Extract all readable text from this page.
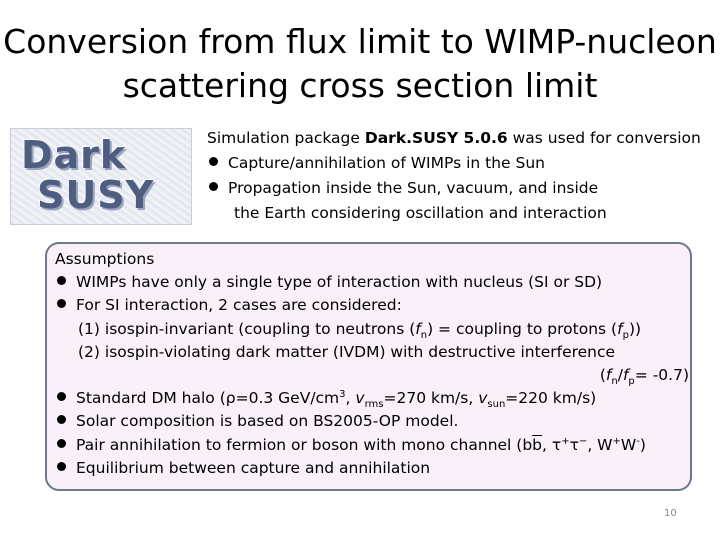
Conversion from flux limit to WIMP-nucleon
scattering cross section limit
Dark
SUSY
Simulation package Dark.SUSY 5.0.6 was used for conversion
Capture/annihilation of WIMPs in the Sun
Propagation inside the Sun, vacuum, and inside
the Earth considering oscillation and interaction
Assumptions
WIMPs have only a single type of interaction with nucleus (SI or SD)
For SI interaction, 2 cases are considered:
(1) isospin-invariant (coupling to neutrons $(f_n)$ = coupling to protons $(f_p)$)
(2) isospin-violating dark matter (IVDM) with destructive interference
$(f_n/f_p= -0.7)$
Standard DM halo (ρ=0.3 GeV/$cm^3$, $v_{rms}=270$ km/s, $v_{sun}=220$ km/s)
Solar composition is based on BS2005-OP model.
Pair annihilation to fermion or boson with mono channel ($b\overline{b}$, τ+τ−, W+W-)
Equilibrium between capture and annihilation
10
